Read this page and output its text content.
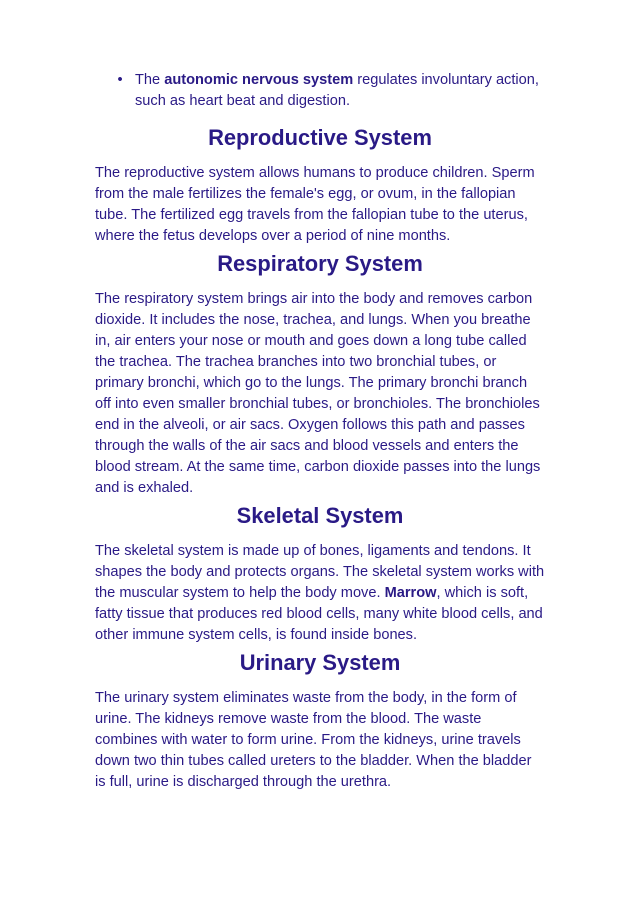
• The autonomic nervous system regulates involuntary action, such as heart beat and digestion.
Reproductive System

The reproductive system allows humans to produce children. Sperm from the male fertilizes the female's egg, or ovum, in the fallopian tube. The fertilized egg travels from the fallopian tube to the uterus, where the fetus develops over a period of nine months.

Respiratory System

The respiratory system brings air into the body and removes carbon dioxide. It includes the nose, trachea, and lungs. When you breathe in, air enters your nose or mouth and goes down a long tube called the trachea. The trachea branches into two bronchial tubes, or primary bronchi, which go to the lungs. The primary bronchi branch off into even smaller bronchial tubes, or bronchioles. The bronchioles end in the alveoli, or air sacs. Oxygen follows this path and passes through the walls of the air sacs and blood vessels and enters the blood stream. At the same time, carbon dioxide passes into the lungs and is exhaled.

Skeletal System

The skeletal system is made up of bones, ligaments and tendons. It shapes the body and protects organs. The skeletal system works with the muscular system to help the body move. Marrow, which is soft, fatty tissue that produces red blood cells, many white blood cells, and other immune system cells, is found inside bones.

Urinary System

The urinary system eliminates waste from the body, in the form of urine. The kidneys remove waste from the blood. The waste combines with water to form urine. From the kidneys, urine travels down two thin tubes called ureters to the bladder. When the bladder is full, urine is discharged through the urethra.
